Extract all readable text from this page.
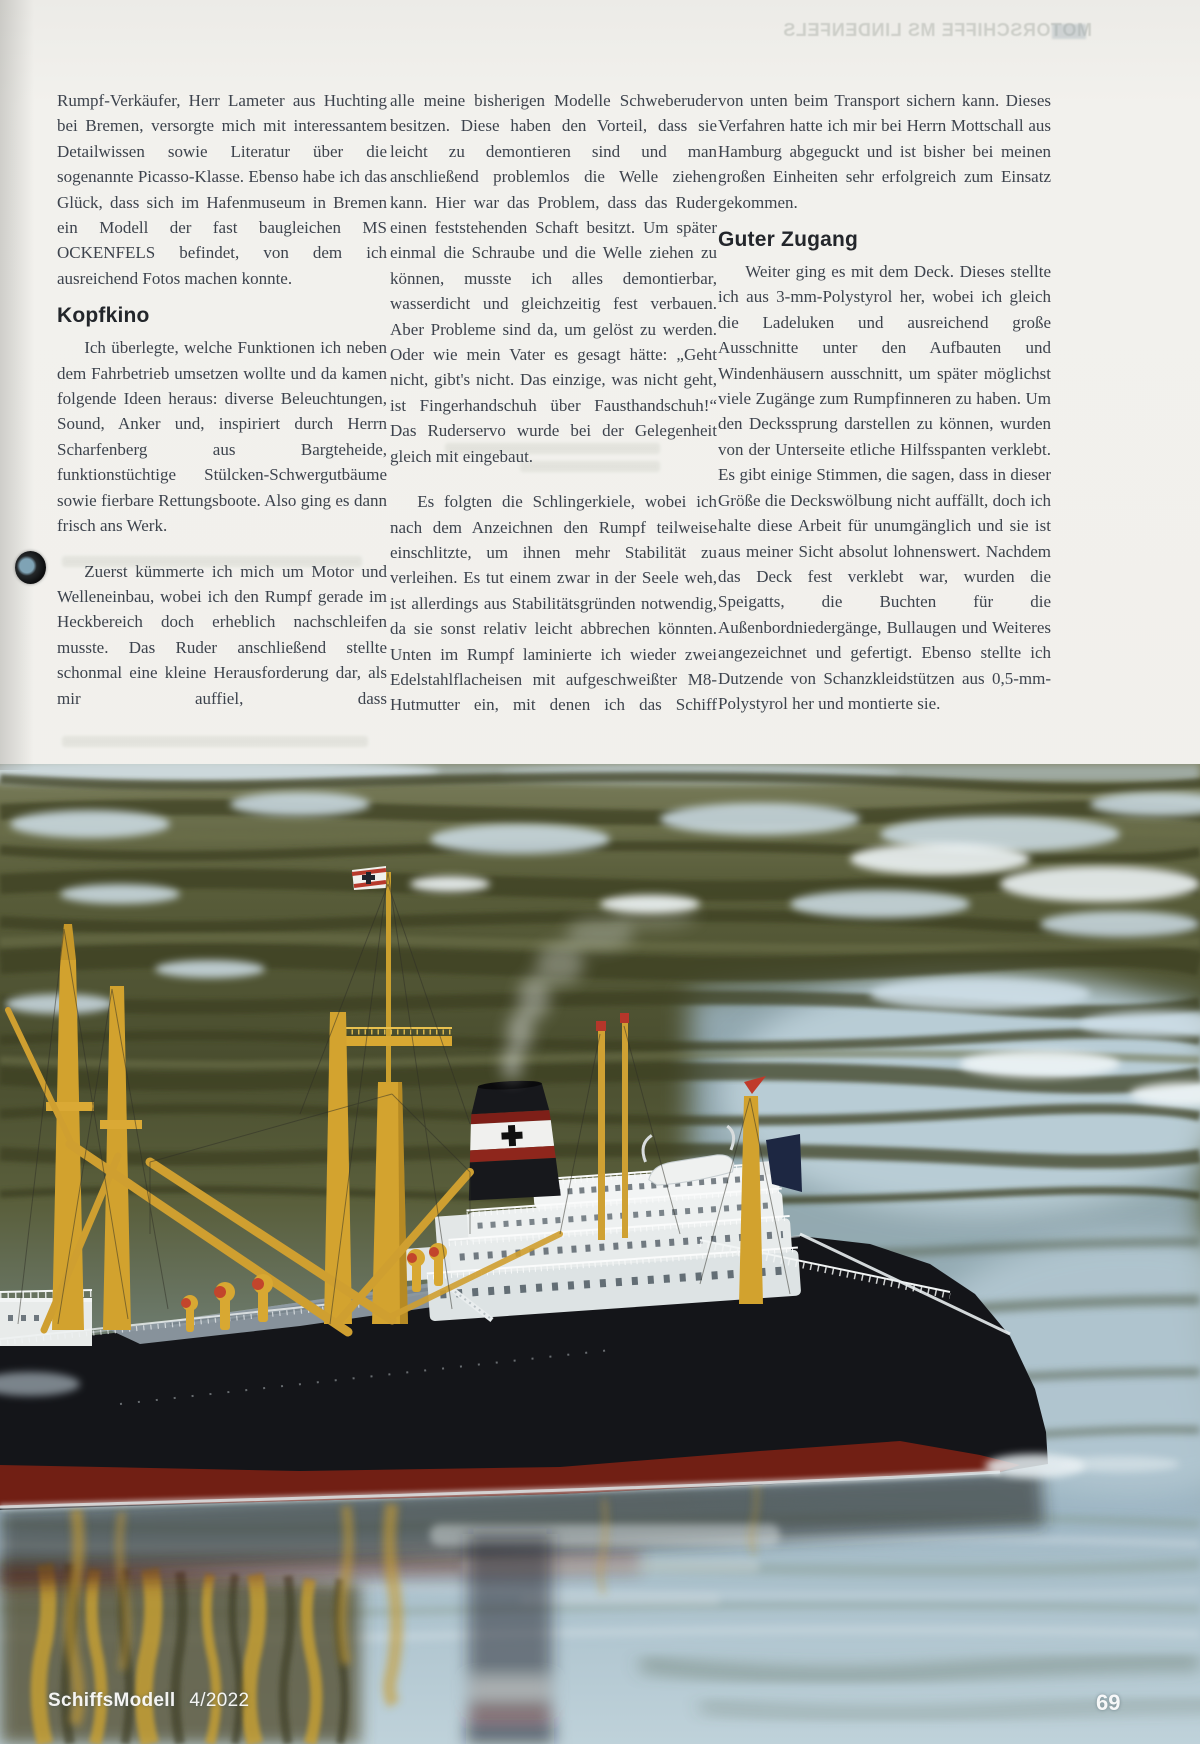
MOTORSCHIFFE MS LINDENFELS

Rumpf-Verkäufer, Herr Lameter aus Huchting bei Bremen, versorgte mich mit interessantem Detailwissen sowie Literatur über die sogenannte Picasso-Klasse. Ebenso habe ich das Glück, dass sich im Hafenmuseum in Bremen ein Modell der fast baugleichen MS OCKENFELS befindet, von dem ich ausreichend Fotos machen konnte.

Kopfkino

Ich überlegte, welche Funktionen ich neben dem Fahrbetrieb umsetzen wollte und da kamen folgende Ideen heraus: diverse Beleuchtungen, Sound, Anker und, inspiriert durch Herrn Scharfenberg aus Bargteheide, funktionstüchtige Stülcken-Schwergutbäume sowie fierbare Rettungsboote. Also ging es dann frisch ans Werk.

Zuerst kümmerte ich mich um Motor und Welleneinbau, wobei ich den Rumpf gerade im Heckbereich doch erheblich nachschleifen musste. Das Ruder anschließend stellte schonmal eine kleine Herausforderung dar, als mir auffiel, dass

alle meine bisherigen Modelle Schweberuder besitzen. Diese haben den Vorteil, dass sie leicht zu demontieren sind und man anschließend problemlos die Welle ziehen kann. Hier war das Problem, dass das Ruder einen feststehenden Schaft besitzt. Um später einmal die Schraube und die Welle ziehen zu können, musste ich alles demontierbar, wasserdicht und gleichzeitig fest verbauen. Aber Probleme sind da, um gelöst zu werden. Oder wie mein Vater es gesagt hätte: „Geht nicht, gibt's nicht. Das einzige, was nicht geht, ist Fingerhandschuh über Fausthandschuh!“ Das Ruderservo wurde bei der Gelegenheit gleich mit eingebaut.

Es folgten die Schlingerkiele, wobei ich nach dem Anzeichnen den Rumpf teilweise einschlitzte, um ihnen mehr Stabilität zu verleihen. Es tut einem zwar in der Seele weh, ist allerdings aus Stabilitätsgründen notwendig, da sie sonst relativ leicht abbrechen könnten. Unten im Rumpf laminierte ich wieder zwei Edelstahlflacheisen mit aufgeschweißter M8-Hutmutter ein, mit denen ich das Schiff

von unten beim Transport sichern kann. Dieses Verfahren hatte ich mir bei Herrn Mottschall aus Hamburg abgeguckt und ist bisher bei meinen großen Einheiten sehr erfolgreich zum Einsatz gekommen.

Guter Zugang

Weiter ging es mit dem Deck. Dieses stellte ich aus 3-mm-Polystyrol her, wobei ich gleich die Ladeluken und ausreichend große Ausschnitte unter den Aufbauten und Windenhäusern ausschnitt, um später möglichst viele Zugänge zum Rumpfinneren zu haben. Um den Deckssprung darstellen zu können, wurden von der Unterseite etliche Hilfsspanten verklebt. Es gibt einige Stimmen, die sagen, dass in dieser Größe die Deckswölbung nicht auffällt, doch ich halte diese Arbeit für unumgänglich und sie ist aus meiner Sicht absolut lohnenswert. Nachdem das Deck fest verklebt war, wurden die Speigatts, die Buchten für die Außenbordniedergänge, Bullaugen und Weiteres angezeichnet und gefertigt. Ebenso stellte ich Dutzende von Schanzkleidstützen aus 0,5-mm-Polystyrol her und montierte sie.

SchiffsModell 4/2022	69
